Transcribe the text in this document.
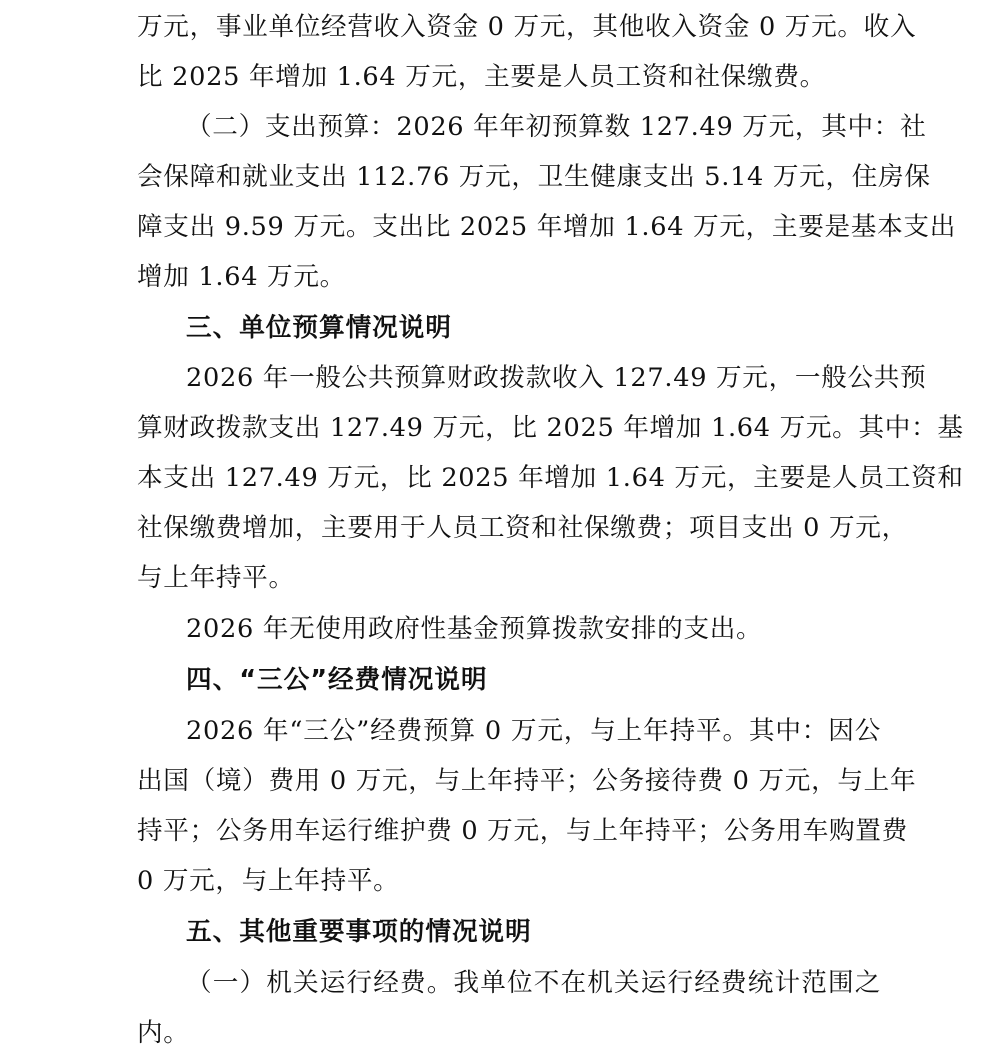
万元，事业单位经营收入资金 0 万元，其他收入资金 0 万元。收入
比 2025 年增加 1.64 万元，主要是人员工资和社保缴费。
（二）支出预算：2026 年年初预算数 127.49 万元，其中：社
会保障和就业支出 112.76 万元，卫生健康支出 5.14 万元，住房保
障支出 9.59 万元。支出比 2025 年增加 1.64 万元，主要是基本支出
增加 1.64 万元。
三、单位预算情况说明
2026 年一般公共预算财政拨款收入 127.49 万元，一般公共预
算财政拨款支出 127.49 万元，比 2025 年增加 1.64 万元。其中：基
本支出 127.49 万元，比 2025 年增加 1.64 万元，主要是人员工资和
社保缴费增加，主要用于人员工资和社保缴费；项目支出 0 万元，
与上年持平。
2026 年无使用政府性基金预算拨款安排的支出。
四、“三公”经费情况说明
2026 年“三公”经费预算 0 万元，与上年持平。其中：因公
出国（境）费用 0 万元，与上年持平；公务接待费 0 万元，与上年
持平；公务用车运行维护费 0 万元，与上年持平；公务用车购置费
0 万元，与上年持平。
五、其他重要事项的情况说明
（一）机关运行经费。我单位不在机关运行经费统计范围之
内。
